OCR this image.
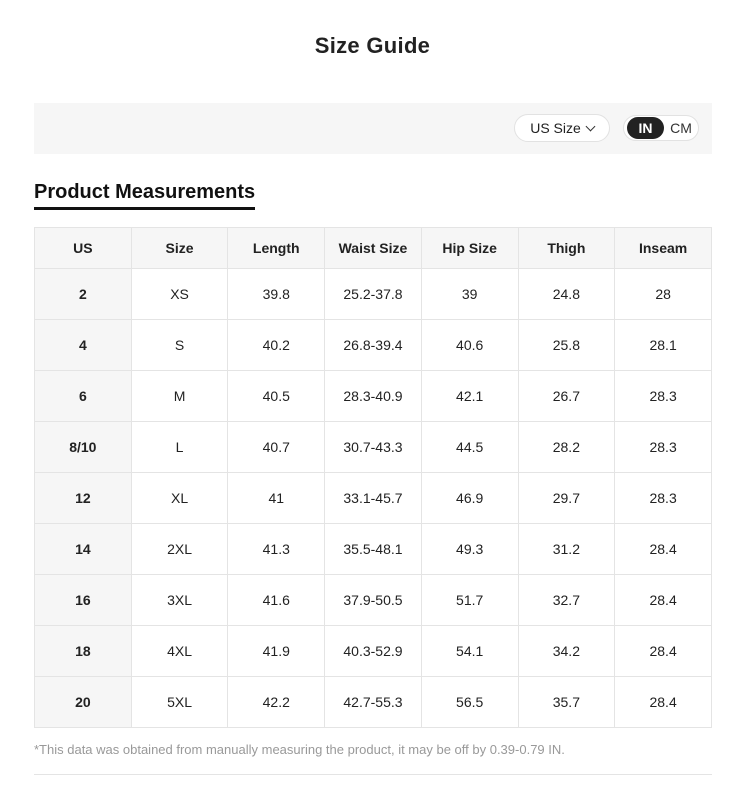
Size Guide
US Size	IN	CM
Product Measurements
US	Size	Length	Waist Size	Hip Size	Thigh	Inseam
2	XS	39.8	25.2-37.8	39	24.8	28
4	S	40.2	26.8-39.4	40.6	25.8	28.1
6	M	40.5	28.3-40.9	42.1	26.7	28.3
8/10	L	40.7	30.7-43.3	44.5	28.2	28.3
12	XL	41	33.1-45.7	46.9	29.7	28.3
14	2XL	41.3	35.5-48.1	49.3	31.2	28.4
16	3XL	41.6	37.9-50.5	51.7	32.7	28.4
18	4XL	41.9	40.3-52.9	54.1	34.2	28.4
20	5XL	42.2	42.7-55.3	56.5	35.7	28.4
*This data was obtained from manually measuring the product, it may be off by 0.39-0.79 IN.
